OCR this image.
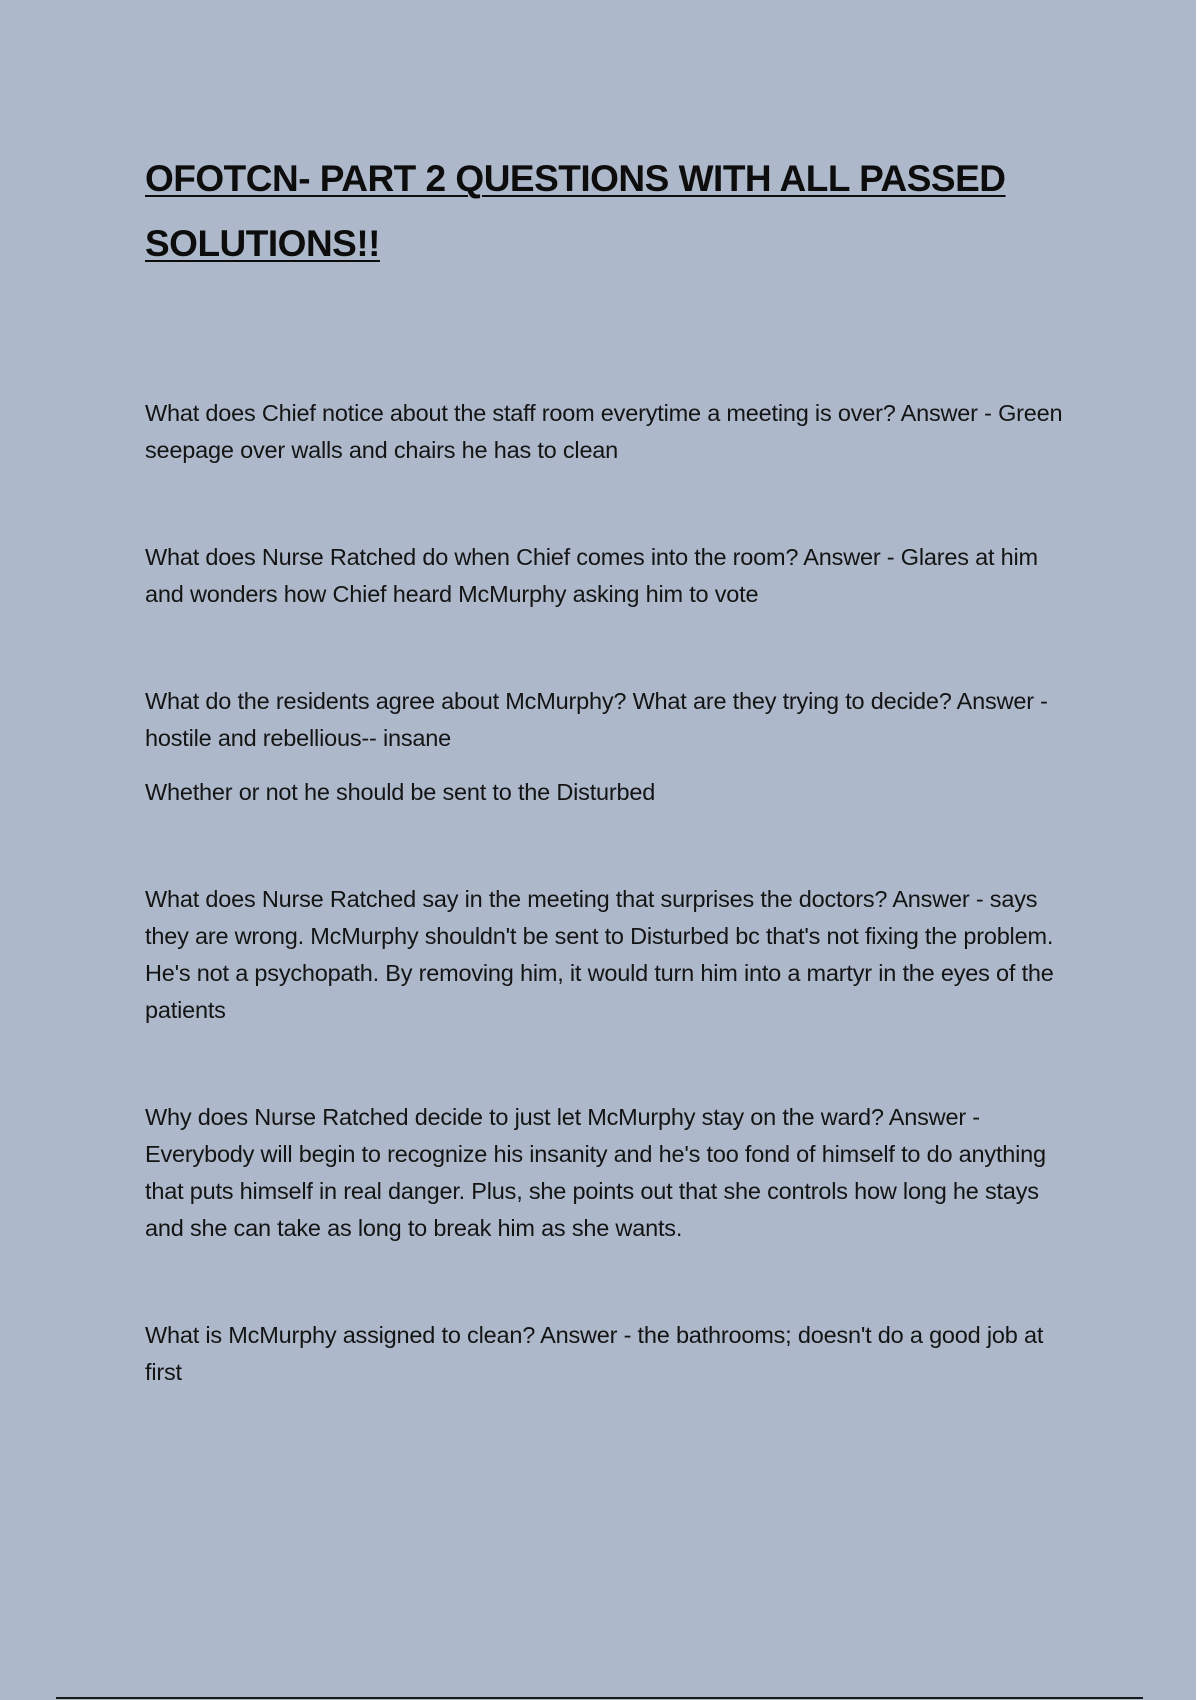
OFOTCN- PART 2 QUESTIONS WITH ALL PASSED SOLUTIONS!!

What does Chief notice about the staff room everytime a meeting is over? Answer - Green seepage over walls and chairs he has to clean

What does Nurse Ratched do when Chief comes into the room? Answer - Glares at him and wonders how Chief heard McMurphy asking him to vote

What do the residents agree about McMurphy? What are they trying to decide? Answer - hostile and rebellious-- insane

Whether or not he should be sent to the Disturbed

What does Nurse Ratched say in the meeting that surprises the doctors? Answer - says they are wrong. McMurphy shouldn't be sent to Disturbed bc that's not fixing the problem. He's not a psychopath. By removing him, it would turn him into a martyr in the eyes of the patients

Why does Nurse Ratched decide to just let McMurphy stay on the ward? Answer - Everybody will begin to recognize his insanity and he's too fond of himself to do anything that puts himself in real danger. Plus, she points out that she controls how long he stays and she can take as long to break him as she wants.

What is McMurphy assigned to clean? Answer - the bathrooms; doesn't do a good job at first
